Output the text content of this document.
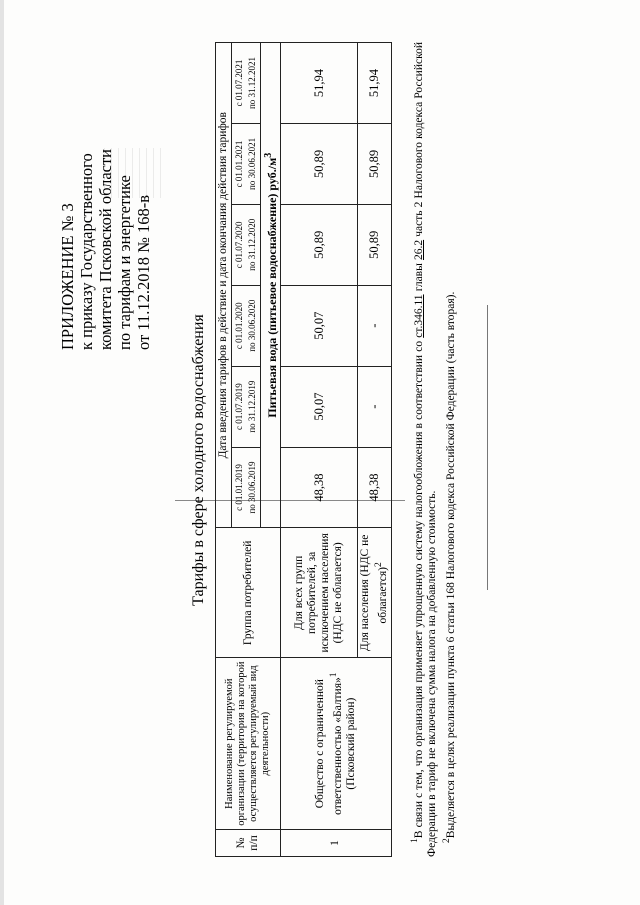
ПРИЛОЖЕНИЕ № 3 к приказу Государственного комитета Псковской области по тарифам и энергетике от 11.12.2018 № 168-в
Тарифы в сфере холодного водоснабжения
№ п/п	Наименование регулируемой организации (территория на которой осуществляется регулируемый вид деятельности)	Группа потребителей	Дата введения тарифов в действие и дата окончания действия тарифов					
			с 01.01.2019 по 30.06.2019	с 01.07.2019 по 31.12.2019	с 01.01.2020 по 30.06.2020	с 01.07.2020 по 31.12.2020	с 01.01.2021 по 30.06.2021	с 01.07.2021 по 31.12.2021
			Питьевая вода (питьевое водоснабжение) $руб./м^3$
1	Общество с ограниченной ответственностью «Балтия»$^1$ (Псковский район)	Для всех групп потребителей, за исключением населения (НДС не облагается)	48,38	50,07	50,07	50,89	50,89	51,94
		Для населения (НДС не облагается)$^2$	48,38	-	-	50,89	50,89	51,94

$^1$В связи с тем, что организация применяет упрощенную систему налогообложения в соответствии со ст.346.11 главы 26.2 часть 2 Налогового кодекса Российской Федерации в тариф не включена сумма налога на добавленную стоимость. $^2$Выделяется в целях реализации пункта 6 статьи 168 Налогового кодекса Российской Федерации (часть вторая).
